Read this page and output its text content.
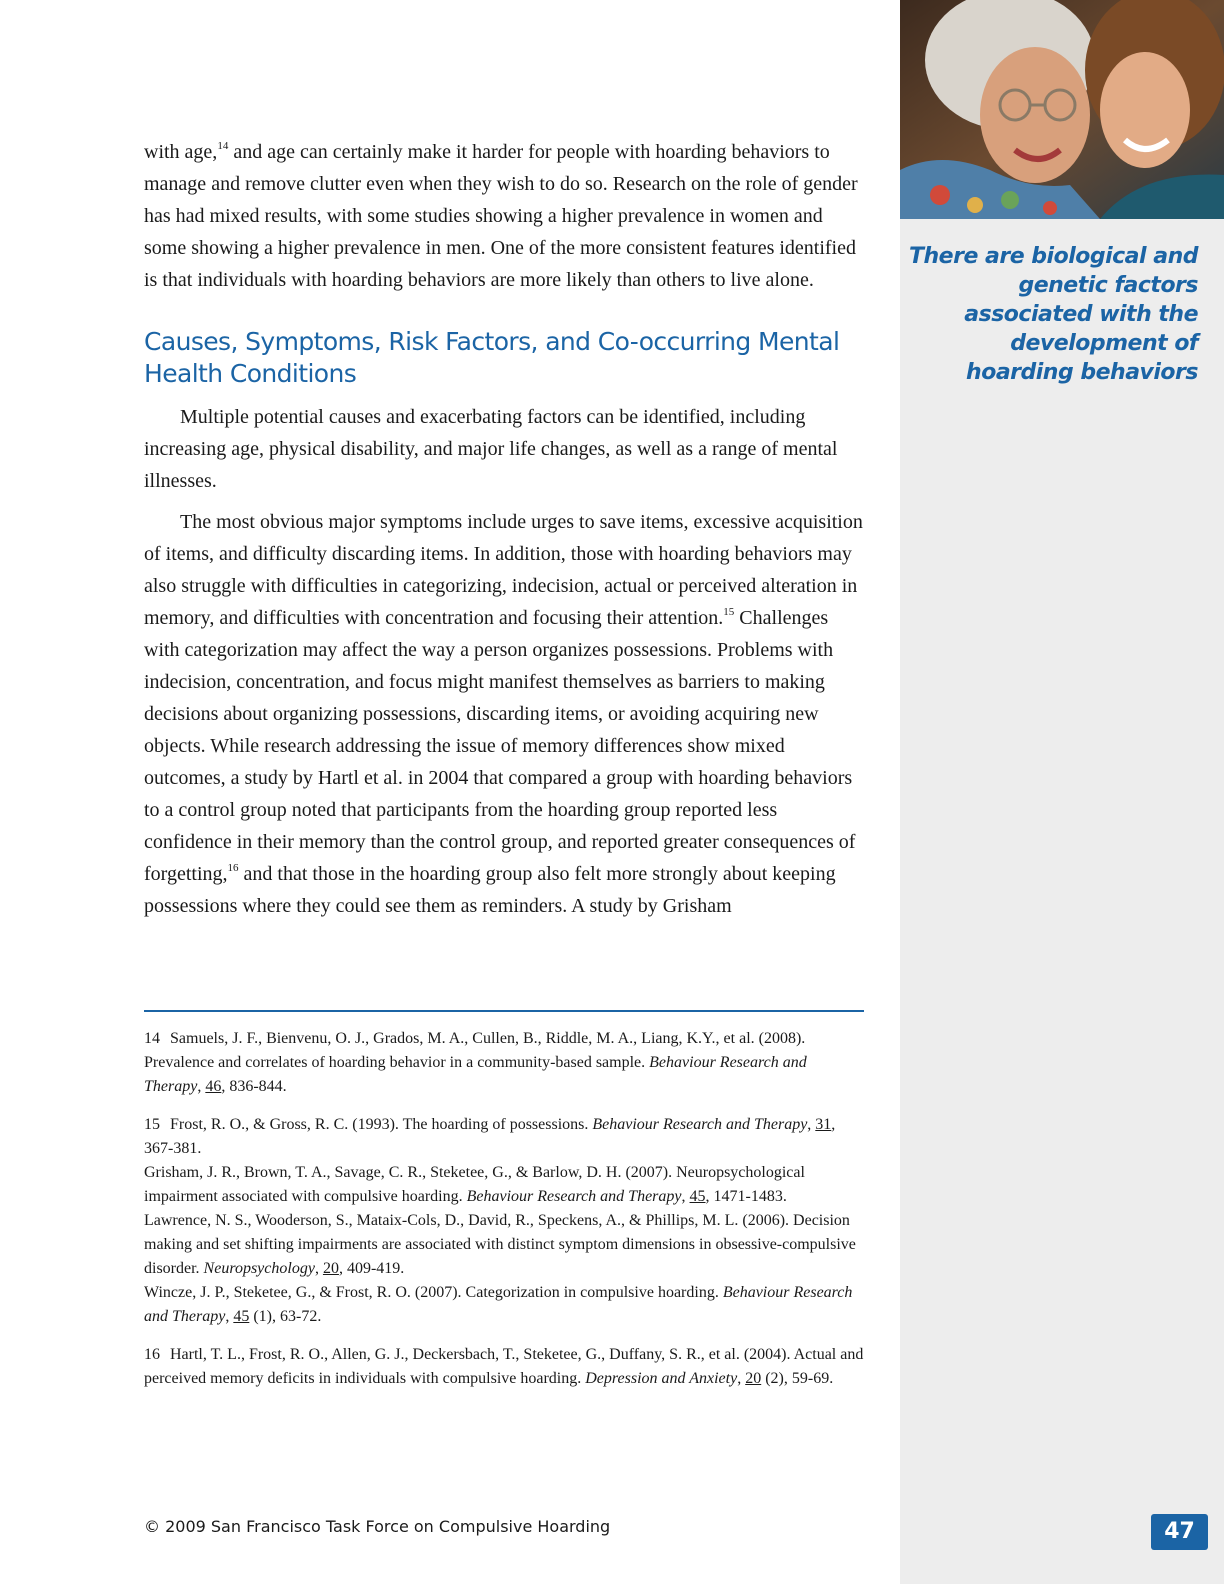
There are biological and genetic factors associated with the development of hoarding behaviors

with age,$^{14}$ and age can certainly make it harder for people with hoarding behaviors to manage and remove clutter even when they wish to do so. Research on the role of gender has had mixed results, with some studies showing a higher prevalence in women and some showing a higher prevalence in men. One of the more consistent features identified is that individuals with hoarding behaviors are more likely than others to live alone.

Causes, Symptoms, Risk Factors, and Co-occurring Mental Health Conditions

Multiple potential causes and exacerbating factors can be identified, including increasing age, physical disability, and major life changes, as well as a range of mental illnesses.

The most obvious major symptoms include urges to save items, excessive acquisition of items, and difficulty discarding items. In addition, those with hoarding behaviors may also struggle with difficulties in categorizing, indecision, actual or perceived alteration in memory, and difficulties with concentration and focusing their attention.$^{15}$ Challenges with categorization may affect the way a person organizes possessions. Problems with indecision, concentration, and focus might manifest themselves as barriers to making decisions about organizing possessions, discarding items, or avoiding acquiring new objects. While research addressing the issue of memory differences show mixed outcomes, a study by Hartl et al. in 2004 that compared a group with hoarding behaviors to a control group noted that participants from the hoarding group reported less confidence in their memory than the control group, and reported greater consequences of forgetting,$^{16}$ and that those in the hoarding group also felt more strongly about keeping possessions where they could see them as reminders. A study by Grisham

14 Samuels, J. F., Bienvenu, O. J., Grados, M. A., Cullen, B., Riddle, M. A., Liang, K.Y., et al. (2008). Prevalence and correlates of hoarding behavior in a community-based sample. Behaviour Research and Therapy, 46, 836-844.

15 Frost, R. O., & Gross, R. C. (1993). The hoarding of possessions. Behaviour Research and Therapy, 31, 367-381.

Grisham, J. R., Brown, T. A., Savage, C. R., Steketee, G., & Barlow, D. H. (2007). Neuropsychological impairment associated with compulsive hoarding. Behaviour Research and Therapy, 45, 1471-1483.

Lawrence, N. S., Wooderson, S., Mataix-Cols, D., David, R., Speckens, A., & Phillips, M. L. (2006). Decision making and set shifting impairments are associated with distinct symptom dimensions in obsessive-compulsive disorder. Neuropsychology, 20, 409-419.

Wincze, J. P., Steketee, G., & Frost, R. O. (2007). Categorization in compulsive hoarding. Behaviour Research and Therapy, 45 (1), 63-72.

16 Hartl, T. L., Frost, R. O., Allen, G. J., Deckersbach, T., Steketee, G., Duffany, S. R., et al. (2004). Actual and perceived memory deficits in individuals with compulsive hoarding. Depression and Anxiety, 20 (2), 59-69.

© 2009 San Francisco Task Force on Compulsive Hoarding	47
